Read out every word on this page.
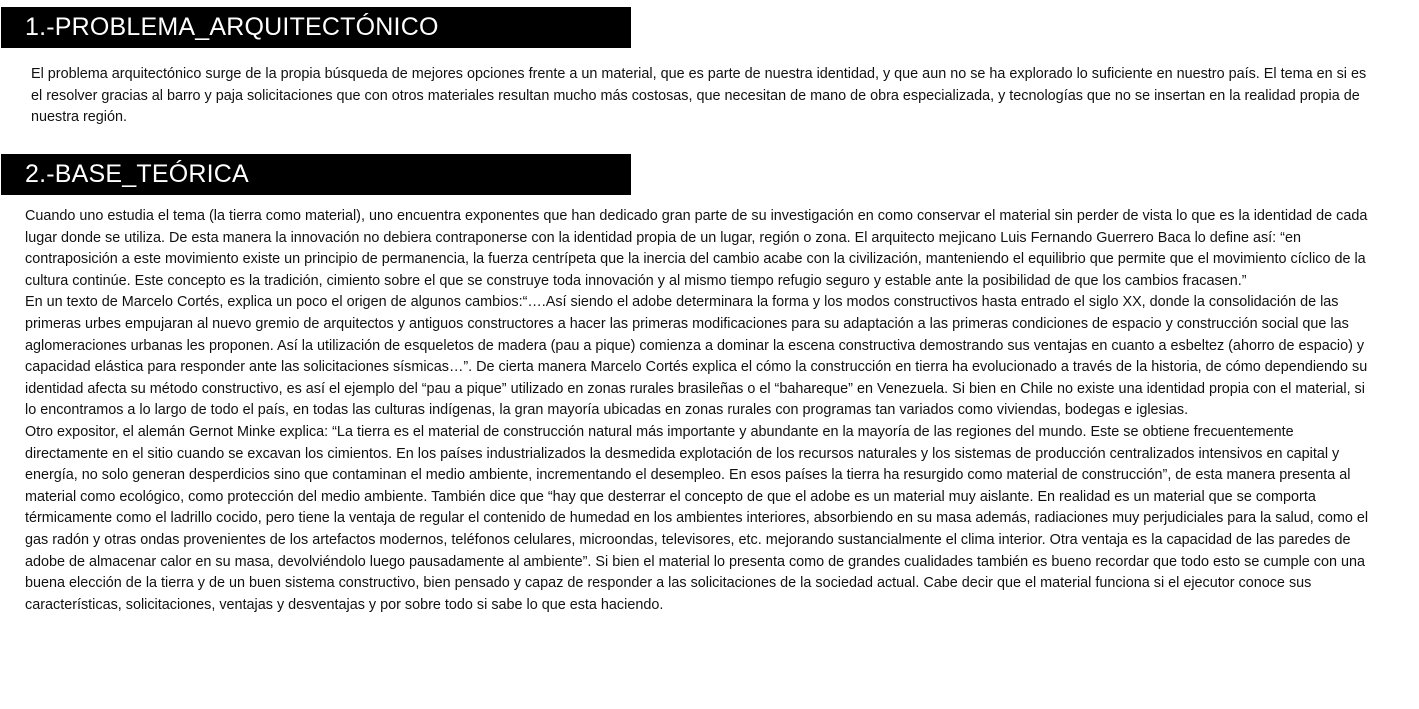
1.-PROBLEMA_ARQUITECTÓNICO

El problema arquitectónico surge de la propia búsqueda de mejores opciones frente a un material, que es parte de nuestra identidad, y que aun no se ha explorado lo suficiente en nuestro país. El tema en si es el resolver gracias al barro y paja solicitaciones que con otros materiales resultan mucho más costosas, que necesitan de mano de obra especializada, y tecnologías que no se insertan en la realidad propia de nuestra región.

2.-BASE_TEÓRICA

Cuando uno estudia el tema (la tierra como material), uno encuentra exponentes que han dedicado gran parte de su investigación en como conservar el material sin perder de vista lo que es la identidad de cada lugar donde se utiliza. De esta manera la innovación no debiera contraponerse con la identidad propia de un lugar, región o zona. El arquitecto mejicano Luis Fernando Guerrero Baca lo define así: “en contraposición a este movimiento existe un principio de permanencia, la fuerza centrípeta que la inercia del cambio acabe con la civilización, manteniendo el equilibrio que permite que el movimiento cíclico de la cultura continúe. Este concepto es la tradición, cimiento sobre el que se construye toda innovación y al mismo tiempo refugio seguro y estable ante la posibilidad de que los cambios fracasen.”

En un texto de Marcelo Cortés, explica un poco el origen de algunos cambios:“….Así siendo el adobe determinara la forma y los modos constructivos hasta entrado el siglo XX, donde la consolidación de las primeras urbes empujaran al nuevo gremio de arquitectos y antiguos constructores a hacer las primeras modificaciones para su adaptación a las primeras condiciones de espacio y construcción social que las aglomeraciones urbanas les proponen. Así la utilización de esqueletos de madera (pau a pique) comienza a dominar la escena constructiva demostrando sus ventajas en cuanto a esbeltez (ahorro de espacio) y capacidad elástica para responder ante las solicitaciones sísmicas…”. De cierta manera Marcelo Cortés explica el cómo la construcción en tierra ha evolucionado a través de la historia, de cómo dependiendo su identidad afecta su método constructivo, es así el ejemplo del “pau a pique” utilizado en zonas rurales brasileñas o el “bahareque” en Venezuela. Si bien en Chile no existe una identidad propia con el material, si lo encontramos a lo largo de todo el país, en todas las culturas indígenas, la gran mayoría ubicadas en zonas rurales con programas tan variados como viviendas, bodegas e iglesias.

Otro expositor, el alemán Gernot Minke explica: “La tierra es el material de construcción natural más importante y abundante en la mayoría de las regiones del mundo. Este se obtiene frecuentemente directamente en el sitio cuando se excavan los cimientos. En los países industrializados la desmedida explotación de los recursos naturales y los sistemas de producción centralizados intensivos en capital y energía, no solo generan desperdicios sino que contaminan el medio ambiente, incrementando el desempleo. En esos países la tierra ha resurgido como material de construcción”, de esta manera presenta al material como ecológico, como protección del medio ambiente. También dice que “hay que desterrar el concepto de que el adobe es un material muy aislante. En realidad es un material que se comporta térmicamente como el ladrillo cocido, pero tiene la ventaja de regular el contenido de humedad en los ambientes interiores, absorbiendo en su masa además, radiaciones muy perjudiciales para la salud, como el gas radón y otras ondas provenientes de los artefactos modernos, teléfonos celulares, microondas, televisores, etc. mejorando sustancialmente el clima interior. Otra ventaja es la capacidad de las paredes de adobe de almacenar calor en su masa, devolviéndolo luego pausadamente al ambiente”. Si bien el material lo presenta como de grandes cualidades también es bueno recordar que todo esto se cumple con una buena elección de la tierra y de un buen sistema constructivo, bien pensado y capaz de responder a las solicitaciones de la sociedad actual. Cabe decir que el material funciona si el ejecutor conoce sus características, solicitaciones, ventajas y desventajas y por sobre todo si sabe lo que esta haciendo.
